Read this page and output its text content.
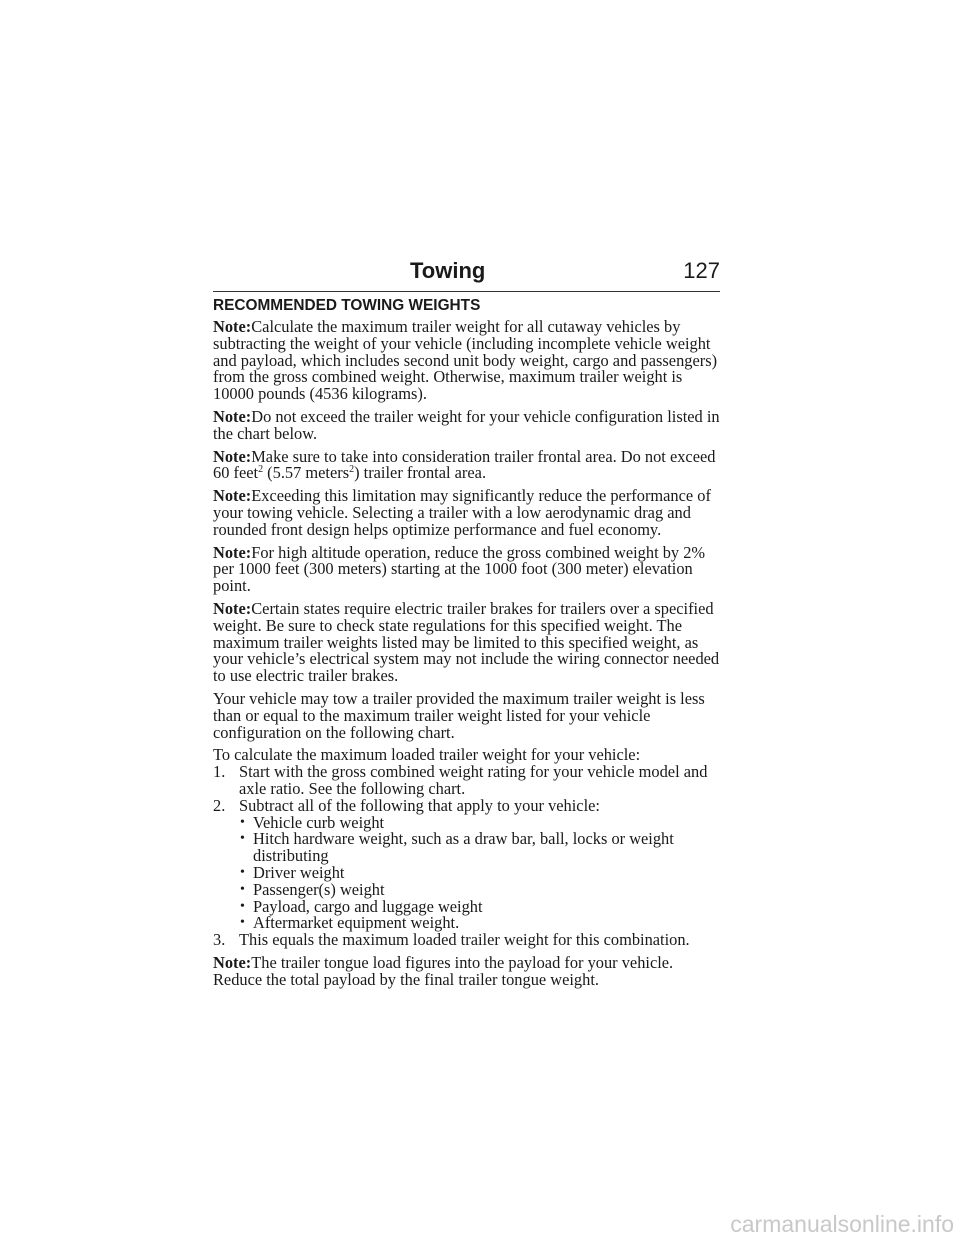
Towing	127
RECOMMENDED TOWING WEIGHTS

Note:Calculate the maximum trailer weight for all cutaway vehicles by subtracting the weight of your vehicle (including incomplete vehicle weight and payload, which includes second unit body weight, cargo and passengers) from the gross combined weight. Otherwise, maximum trailer weight is 10000 pounds (4536 kilograms).

Note:Do not exceed the trailer weight for your vehicle configuration listed in the chart below.

Note:Make sure to take into consideration trailer frontal area. Do not exceed 60 feet$^2$ (5.57 meters$^2$) trailer frontal area.

Note:Exceeding this limitation may significantly reduce the performance of your towing vehicle. Selecting a trailer with a low aerodynamic drag and rounded front design helps optimize performance and fuel economy.

Note:For high altitude operation, reduce the gross combined weight by 2% per 1000 feet (300 meters) starting at the 1000 foot (300 meter) elevation point.

Note:Certain states require electric trailer brakes for trailers over a specified weight. Be sure to check state regulations for this specified weight. The maximum trailer weights listed may be limited to this specified weight, as your vehicle’s electrical system may not include the wiring connector needed to use electric trailer brakes.

Your vehicle may tow a trailer provided the maximum trailer weight is less than or equal to the maximum trailer weight listed for your vehicle configuration on the following chart.

To calculate the maximum loaded trailer weight for your vehicle:
1. Start with the gross combined weight rating for your vehicle model and axle ratio. See the following chart.
2. Subtract all of the following that apply to your vehicle:
• Vehicle curb weight
• Hitch hardware weight, such as a draw bar, ball, locks or weight distributing
• Driver weight
• Passenger(s) weight
• Payload, cargo and luggage weight
• Aftermarket equipment weight.
3. This equals the maximum loaded trailer weight for this combination.

Note:The trailer tongue load figures into the payload for your vehicle. Reduce the total payload by the final trailer tongue weight.

carmanualsonline.info
